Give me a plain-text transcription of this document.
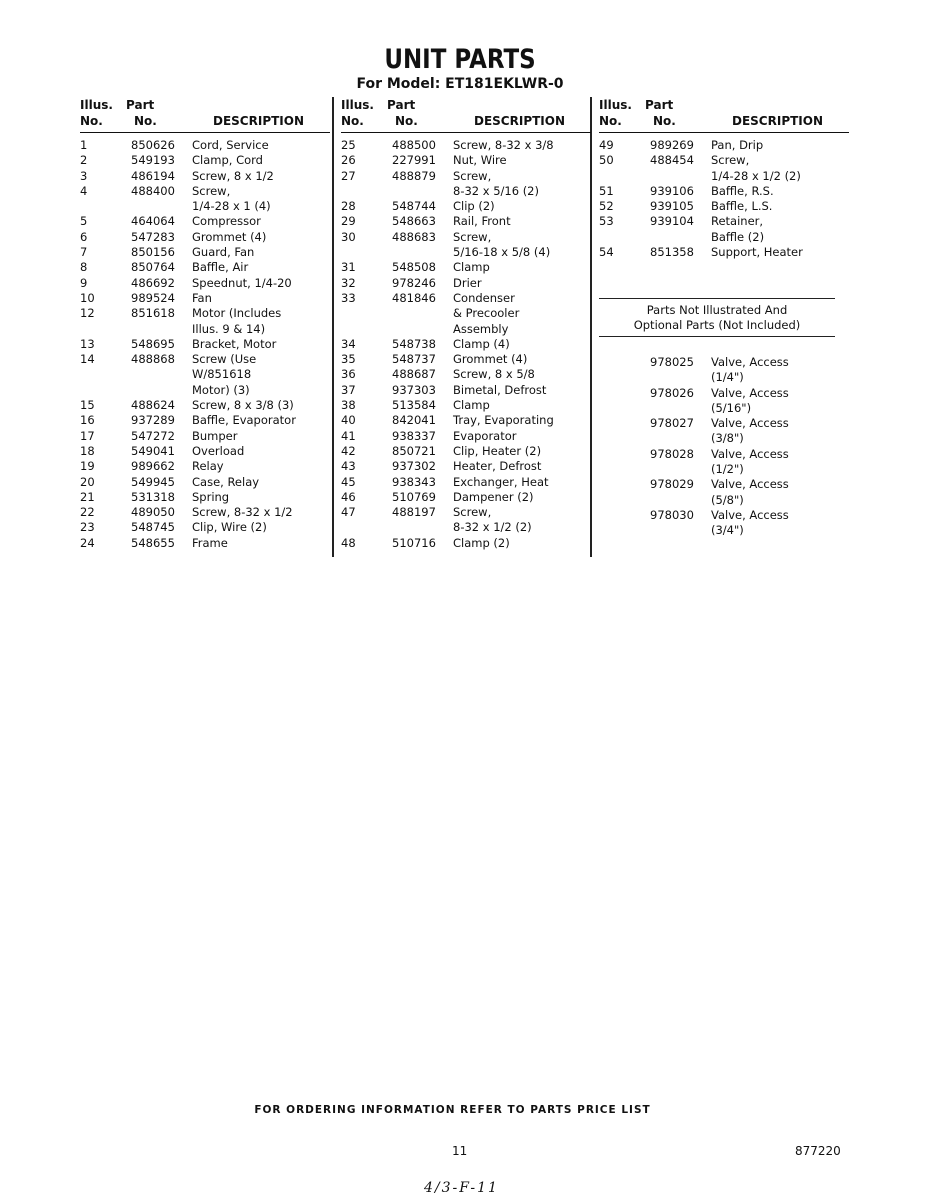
UNIT PARTS
For Model: ET181EKLWR-0
Illus.
No.
Part
No.	DESCRIPTION
1	850626 Cord, Service
2	549193 Clamp, Cord
3	486194 Screw, 8 x 1/2
4	488400 Screw,
1/4-28 x 1 (4)
5	464064 Compressor
6	547283 Grommet (4)
7	850156 Guard, Fan
8	850764 Baffle, Air
9	486692 Speednut, 1/4-20
10	989524 Fan
12	851618 Motor (Includes
Illus. 9 & 14)
13	548695 Bracket, Motor
14	488868 Screw (Use
W/851618
Motor) (3)
15	488624 Screw, 8 x 3/8 (3)
16	937289 Baffle, Evaporator
17	547272 Bumper
18	549041 Overload
19	989662 Relay
20	549945 Case, Relay
21	531318 Spring
22	489050 Screw, 8-32 x 1/2
23	548745 Clip, Wire (2)
24	548655 Frame
Illus.
No.
Part
No.	DESCRIPTION
25	488500 Screw, 8-32 x 3/8
26	227991 Nut, Wire
27	488879 Screw,
8-32 x 5/16 (2)
28	548744 Clip (2)
29	548663 Rail, Front
30	488683 Screw,
5/16-18 x 5/8 (4)
31	548508 Clamp
32	978246 Drier
33	481846 Condenser
& Precooler
Assembly
34	548738 Clamp (4)
35	548737 Grommet (4)
36	488687 Screw, 8 x 5/8
37	937303 Bimetal, Defrost
38	513584 Clamp
40	842041 Tray, Evaporating
41	938337 Evaporator
42	850721 Clip, Heater (2)
43	937302 Heater, Defrost
45	938343 Exchanger, Heat
46	510769 Dampener (2)
47	488197 Screw,
8-32 x 1/2 (2)
48	510716 Clamp (2)
Illus.
No.
Part
No.	DESCRIPTION
49	989269 Pan, Drip
50	488454 Screw,
1/4-28 x 1/2 (2)
51	939106 Baffle, R.S.
52	939105 Baffle, L.S.
53	939104 Retainer,
Baffle (2)
54	851358 Support, Heater
Parts Not Illustrated And
Optional Parts (Not Included)
978025 Valve, Access
(1/4")
978026 Valve, Access
(5/16")
978027 Valve, Access
(3/8")
978028 Valve, Access
(1/2")
978029 Valve, Access
(5/8")
978030 Valve, Access
(3/4")
FOR ORDERING INFORMATION REFER TO PARTS PRICE LIST
11	877220
4/3-F-11
